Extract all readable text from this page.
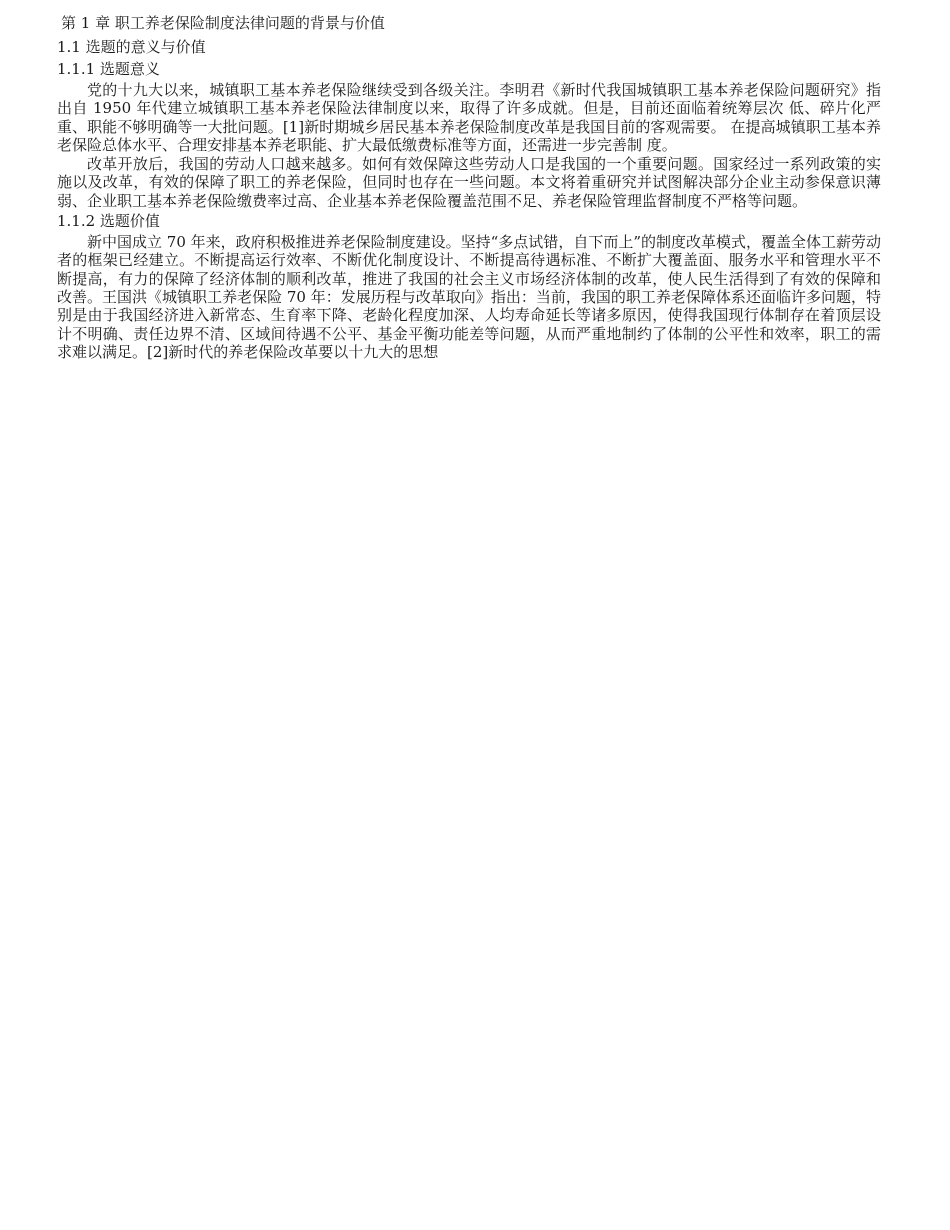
第 1 章 职工养老保险制度法律问题的背景与价值
1.1 选题的意义与价值
1.1.1 选题意义

党的十九大以来，城镇职工基本养老保险继续受到各级关注。李明君《新时代我国城镇职工基本养老保险问题研究》指出自 1950 年代建立城镇职工基本养老保险法律制度以来，取得了许多成就。但是，目前还面临着统筹层次 低、碎片化严重、职能不够明确等一大批问题。[1]新时期城乡居民基本养老保险制度改革是我国目前的客观需要。 在提高城镇职工基本养老保险总体水平、合理安排基本养老职能、扩大最低缴费标准等方面，还需进一步完善制 度。

改革开放后，我国的劳动人口越来越多。如何有效保障这些劳动人口是我国的一个重要问题。国家经过一系列政策的实施以及改革，有效的保障了职工的养老保险，但同时也存在一些问题。本文将着重研究并试图解决部分企业主动参保意识薄弱、企业职工基本养老保险缴费率过高、企业基本养老保险覆盖范围不足、养老保险管理监督制度不严格等问题。

1.1.2 选题价值

新中国成立 70 年来，政府积极推进养老保险制度建设。坚持“多点试错，自下而上”的制度改革模式，覆盖全体工薪劳动者的框架已经建立。不断提高运行效率、不断优化制度设计、不断提高待遇标准、不断扩大覆盖面、服务水平和管理水平不断提高，有力的保障了经济体制的顺利改革，推进了我国的社会主义市场经济体制的改革，使人民生活得到了有效的保障和改善。王国洪《城镇职工养老保险 70 年：发展历程与改革取向》指出：当前，我国的职工养老保障体系还面临许多问题，特别是由于我国经济进入新常态、生育率下降、老龄化程度加深、人均寿命延长等诸多原因，使得我国现行体制存在着顶层设计不明确、责任边界不清、区域间待遇不公平、基金平衡功能差等问题，从而严重地制约了体制的公平性和效率，职工的需求难以满足。[2]新时代的养老保险改革要以十九大的思想
